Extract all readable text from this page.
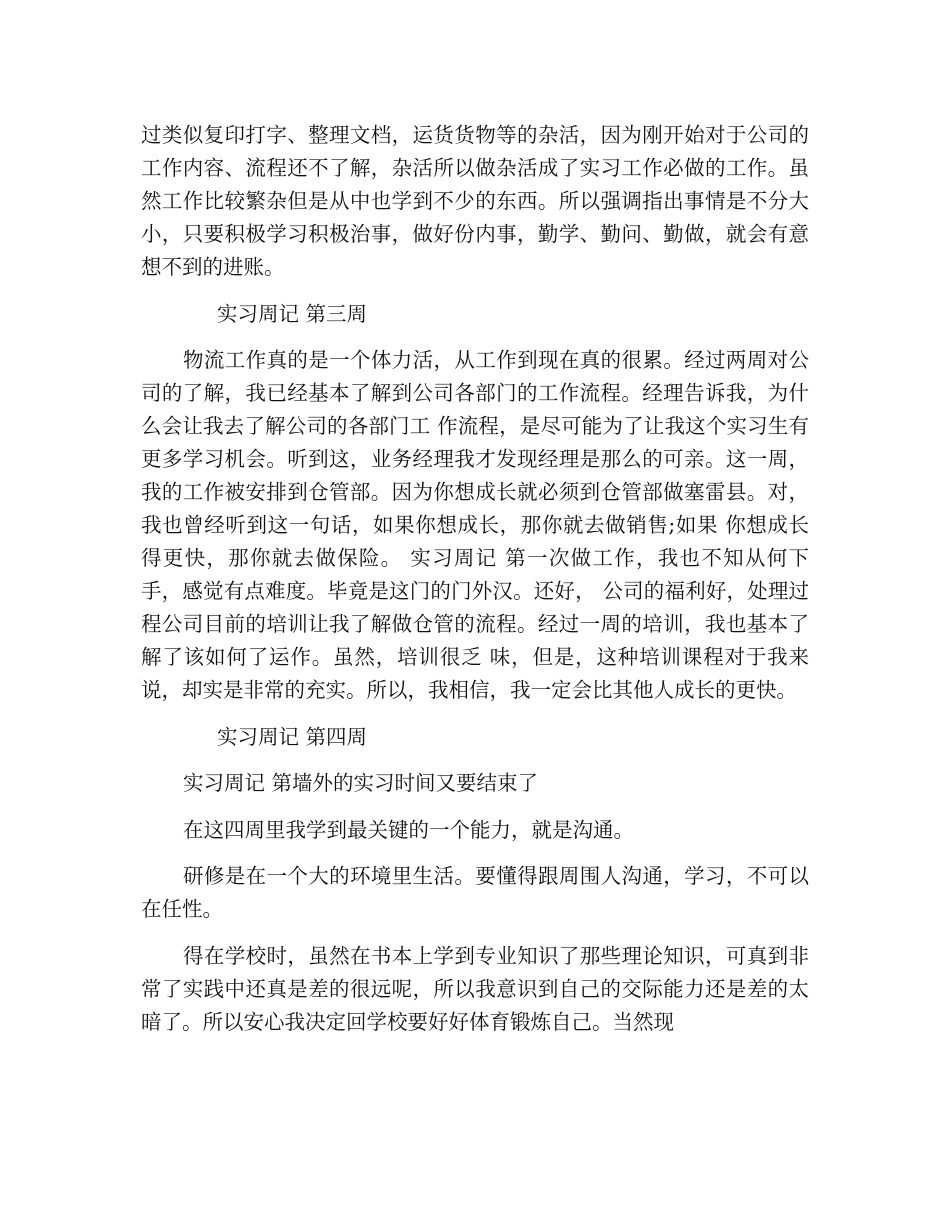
过类似复印打字、整理文档，运货货物等的杂活，因为刚开始对于公司的工作内容、流程还不了解，杂活所以做杂活成了实习工作必做的工作。虽然工作比较繁杂但是从中也学到不少的东西。所以强调指出事情是不分大小，只要积极学习积极治事，做好份内事，勤学、勤问、勤做，就会有意想不到的进账。

实习周记 第三周

物流工作真的是一个体力活，从工作到现在真的很累。经过两周对公司的了解，我已经基本了解到公司各部门的工作流程。经理告诉我，为什么会让我去了解公司的各部门工 作流程，是尽可能为了让我这个实习生有更多学习机会。听到这，业务经理我才发现经理是那么的可亲。这一周，我的工作被安排到仓管部。因为你想成长就必须到仓管部做塞雷县。对，我也曾经听到这一句话，如果你想成长，那你就去做销售;如果 你想成长得更快，那你就去做保险。 实习周记 第一次做工作，我也不知从何下手，感觉有点难度。毕竟是这门的门外汉。还好， 公司的福利好，处理过程公司目前的培训让我了解做仓管的流程。经过一周的培训，我也基本了解了该如何了运作。虽然，培训很乏 味，但是，这种培训课程对于我来说，却实是非常的充实。所以，我相信，我一定会比其他人成长的更快。

实习周记 第四周

实习周记 第墙外的实习时间又要结束了

在这四周里我学到最关键的一个能力，就是沟通。

研修是在一个大的环境里生活。要懂得跟周围人沟通，学习，不可以在任性。

得在学校时，虽然在书本上学到专业知识了那些理论知识，可真到非常了实践中还真是差的很远呢，所以我意识到自己的交际能力还是差的太暗了。所以安心我决定回学校要好好体育锻炼自己。当然现
